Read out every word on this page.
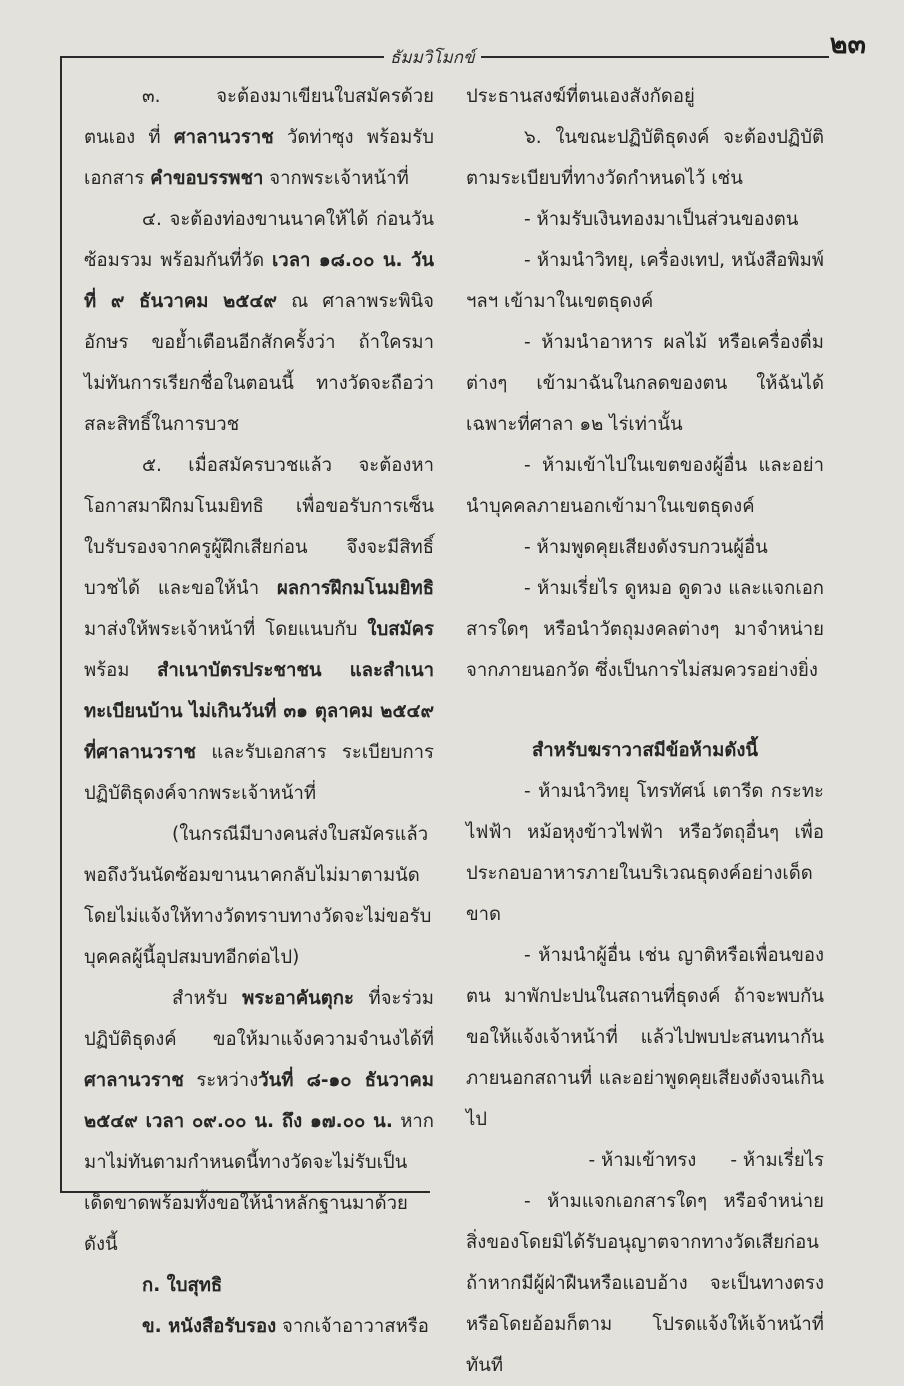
๒๓
ธัมมวิโมกข์

๓. จะต้องมาเขียนใบสมัครด้วยตนเอง ที่ ศาลานวราช วัดท่าซุง พร้อมรับเอกสาร คำขอบรรพชา จากพระเจ้าหน้าที่

๔. จะต้องท่องขานนาคให้ได้ ก่อนวันซ้อมรวม พร้อมกันที่วัด เวลา ๑๘.๐๐ น. วันที่ ๙ ธันวาคม ๒๕๔๙ ณ ศาลาพระพินิจอักษร ขอย้ำเตือนอีกสักครั้งว่า ถ้าใครมาไม่ทันการเรียกชื่อในตอนนี้ ทางวัดจะถือว่าสละสิทธิ์ในการบวช

๕. เมื่อสมัครบวชแล้ว จะต้องหาโอกาสมาฝึกมโนมยิทธิ เพื่อขอรับการเซ็นใบรับรองจากครูผู้ฝึกเสียก่อน จึงจะมีสิทธิ์บวชได้ และขอให้นำ ผลการฝึกมโนมยิทธิ มาส่งให้พระเจ้าหน้าที่ โดยแนบกับ ใบสมัคร พร้อม สำเนาบัตรประชาชน และสำเนาทะเบียนบ้าน ไม่เกินวันที่ ๓๑ ตุลาคม ๒๕๔๙ ที่ศาลานวราช และรับเอกสาร ระเบียบการปฏิบัติธุดงค์จากพระเจ้าหน้าที่

(ในกรณีมีบางคนส่งใบสมัครแล้ว พอถึงวันนัดซ้อมขานนาคกลับไม่มาตามนัด โดยไม่แจ้งให้ทางวัดทราบทางวัดจะไม่ขอรับบุคคลผู้นี้อุปสมบทอีกต่อไป)

สำหรับ พระอาคันตุกะ ที่จะร่วมปฏิบัติธุดงค์ ขอให้มาแจ้งความจำนงได้ที่ศาลานวราช ระหว่างวันที่ ๘-๑๐ ธันวาคม ๒๕๔๙ เวลา ๐๙.๐๐ น. ถึง ๑๗.๐๐ น. หากมาไม่ทันตามกำหนดนี้ทางวัดจะไม่รับเป็นเด็ดขาดพร้อมทั้งขอให้นำหลักฐานมาด้วยดังนี้

ก. ใบสุทธิ

ข. หนังสือรับรอง จากเจ้าอาวาสหรือ

ประธานสงฆ์ที่ตนเองสังกัดอยู่

๖. ในขณะปฏิบัติธุดงค์ จะต้องปฏิบัติตามระเบียบที่ทางวัดกำหนดไว้ เช่น

- ห้ามรับเงินทองมาเป็นส่วนของตน

- ห้ามนำวิทยุ, เครื่องเทป, หนังสือพิมพ์ ฯลฯ เข้ามาในเขตธุดงค์

- ห้ามนำอาหาร ผลไม้ หรือเครื่องดื่มต่างๆ เข้ามาฉันในกลดของตน ให้ฉันได้เฉพาะที่ศาลา ๑๒ ไร่เท่านั้น

- ห้ามเข้าไปในเขตของผู้อื่น และอย่านำบุคคลภายนอกเข้ามาในเขตธุดงค์

- ห้ามพูดคุยเสียงดังรบกวนผู้อื่น

- ห้ามเรี่ยไร ดูหมอ ดูดวง และแจกเอกสารใดๆ หรือนำวัตถุมงคลต่างๆ มาจำหน่ายจากภายนอกวัด ซึ่งเป็นการไม่สมควรอย่างยิ่ง

สำหรับฆราวาสมีข้อห้ามดังนี้

- ห้ามนำวิทยุ โทรทัศน์ เตารีด กระทะไฟฟ้า หม้อหุงข้าวไฟฟ้า หรือวัตถุอื่นๆ เพื่อประกอบอาหารภายในบริเวณธุดงค์อย่างเด็ดขาด

- ห้ามนำผู้อื่น เช่น ญาติหรือเพื่อนของตน มาพักปะปนในสถานที่ธุดงค์ ถ้าจะพบกันขอให้แจ้งเจ้าหน้าที่ แล้วไปพบปะสนทนากันภายนอกสถานที่ และอย่าพูดคุยเสียงดังจนเกินไป

- ห้ามเข้าทรง - ห้ามเรี่ยไร

- ห้ามแจกเอกสารใดๆ หรือจำหน่ายสิ่งของโดยมิได้รับอนุญาตจากทางวัดเสียก่อน ถ้าหากมีผู้ฝ่าฝืนหรือแอบอ้าง จะเป็นทางตรงหรือโดยอ้อมก็ตาม โปรดแจ้งให้เจ้าหน้าที่ทันที
